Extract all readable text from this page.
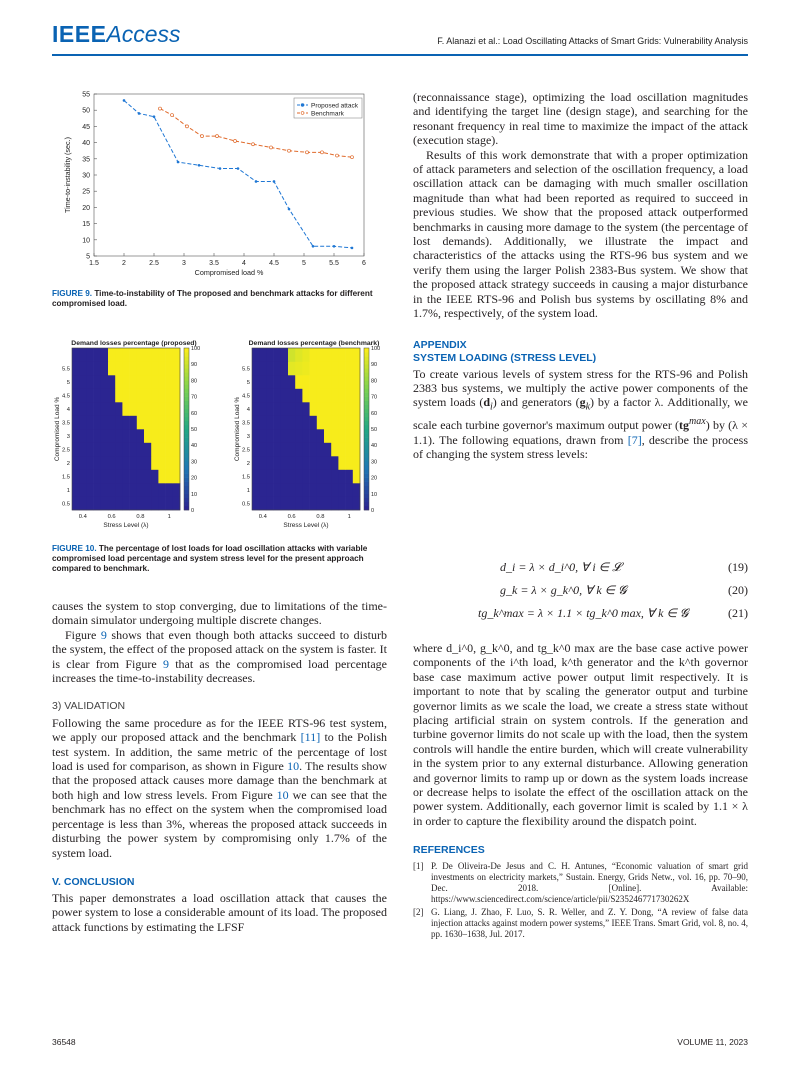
IEEEAccess	F. Alanazi et al.: Load Oscillating Attacks of Smart Grids: Vulnerability Analysis
1.5	2	2.5	3	3.5	4	4.5	5	5.5	6
5
10
15
20
25
30
35
40
45
50
55
Compromised load %
Time-to-instability (sec.)
Proposed attack
Benchmark
FIGURE 9. Time-to-instability of The proposed and benchmark attacks for different compromised load.
Demand losses percentage (proposed)
0.4	0.6	0.8	1
0.5
1
1.5
2
2.5
3
3.5
4
4.5
5
5.5
Stress Level (λ)
Compromised Load %
0
10
20
30
40
50
60
70
80
90
100
Demand losses percentage (benchmark)
0.4	0.6	0.8	1
0.5
1
1.5
2
2.5
3
3.5
4
4.5
5
5.5
Stress Level (λ)
Compromised Load %
0
10
20
30
40
50
60
70
80
90
100
FIGURE 10. The percentage of lost loads for load oscillation attacks with variable compromised load percentage and system stress level for the present approach compared to benchmark.

causes the system to stop converging, due to limitations of the time-domain simulator undergoing multiple discrete changes.

Figure 9 shows that even though both attacks succeed to disturb the system, the effect of the proposed attack on the system is faster. It is clear from Figure 9 that as the compromised load percentage increases the time-to-instability decreases.

3) VALIDATION

Following the same procedure as for the IEEE RTS-96 test system, we apply our proposed attack and the benchmark [11] to the Polish test system. In addition, the same metric of the percentage of lost load is used for comparison, as shown in Figure 10. The results show that the proposed attack causes more damage than the benchmark at both high and low stress levels. From Figure 10 we can see that the benchmark has no effect on the system when the compromised load percentage is less than 3%, whereas the proposed attack succeeds in disturbing the power system by compromising only 1.7% of the system load.

V. CONCLUSION

This paper demonstrates a load oscillation attack that causes the power system to lose a considerable amount of its load. The proposed attack functions by estimating the LFSF

(reconnaissance stage), optimizing the load oscillation magnitudes and identifying the target line (design stage), and searching for the resonant frequency in real time to maximize the impact of the attack (execution stage).

Results of this work demonstrate that with a proper optimization of attack parameters and selection of the oscillation frequency, a load oscillation attack can be damaging with much smaller oscillation magnitude than what had been reported as required to succeed in previous studies. We show that the proposed attack outperformed benchmarks in causing more damage to the system (the percentage of lost demands). Additionally, we illustrate the impact and characteristics of the attacks using the RTS-96 bus system and we verify them using the larger Polish 2383-Bus system. We show that the proposed attack strategy succeeds in causing a major disturbance in the IEEE RTS-96 and Polish bus systems by oscillating 8% and 1.7%, respectively, of the system load.

APPENDIX
SYSTEM LOADING (STRESS LEVEL)

To create various levels of system stress for the RTS-96 and Polish 2383 bus systems, we multiply the active power components of the system loads $(d_i)$ and generators $(g_k)$ by a factor λ. Additionally, we scale each turbine governor's maximum output power $(tg^{max})$ by (λ × 1.1). The following equations, drawn from [7], describe the process of changing the system stress levels:

d_i = λ × d_i^0, ∀ i ∈ 𝓛	(19)
g_k = λ × g_k^0, ∀ k ∈ 𝓖	(20)
tg_k^max = λ × 1.1 × tg_k^0 max, ∀ k ∈ 𝓖	(21)

where d_i^0, g_k^0, and tg_k^0 max are the base case active power components of the i^th load, k^th generator and the k^th governor base case maximum active power output limit respectively. It is important to note that by scaling the generator output and turbine governor limits as we scale the load, we create a stress state without placing artificial strain on system controls. If the generation and turbine governor limits do not scale up with the load, then the system controls will handle the entire burden, which will create vulnerability in the system prior to any external disturbance. Allowing generation and governor limits to ramp up or down as the system loads increase or decrease helps to isolate the effect of the oscillation attack on the power system. Additionally, each governor limit is scaled by 1.1 × λ in order to capture the flexibility around the dispatch point.

REFERENCES
[1] P. De Oliveira-De Jesus and C. H. Antunes, “Economic valuation of smart grid investments on electricity markets,” Sustain. Energy, Grids Netw., vol. 16, pp. 70–90, Dec. 2018. [Online]. Available: https://www.sciencedirect.com/science/article/pii/S235246771730262X
[2] G. Liang, J. Zhao, F. Luo, S. R. Weller, and Z. Y. Dong, “A review of false data injection attacks against modern power systems,” IEEE Trans. Smart Grid, vol. 8, no. 4, pp. 1630–1638, Jul. 2017.
36548	VOLUME 11, 2023
